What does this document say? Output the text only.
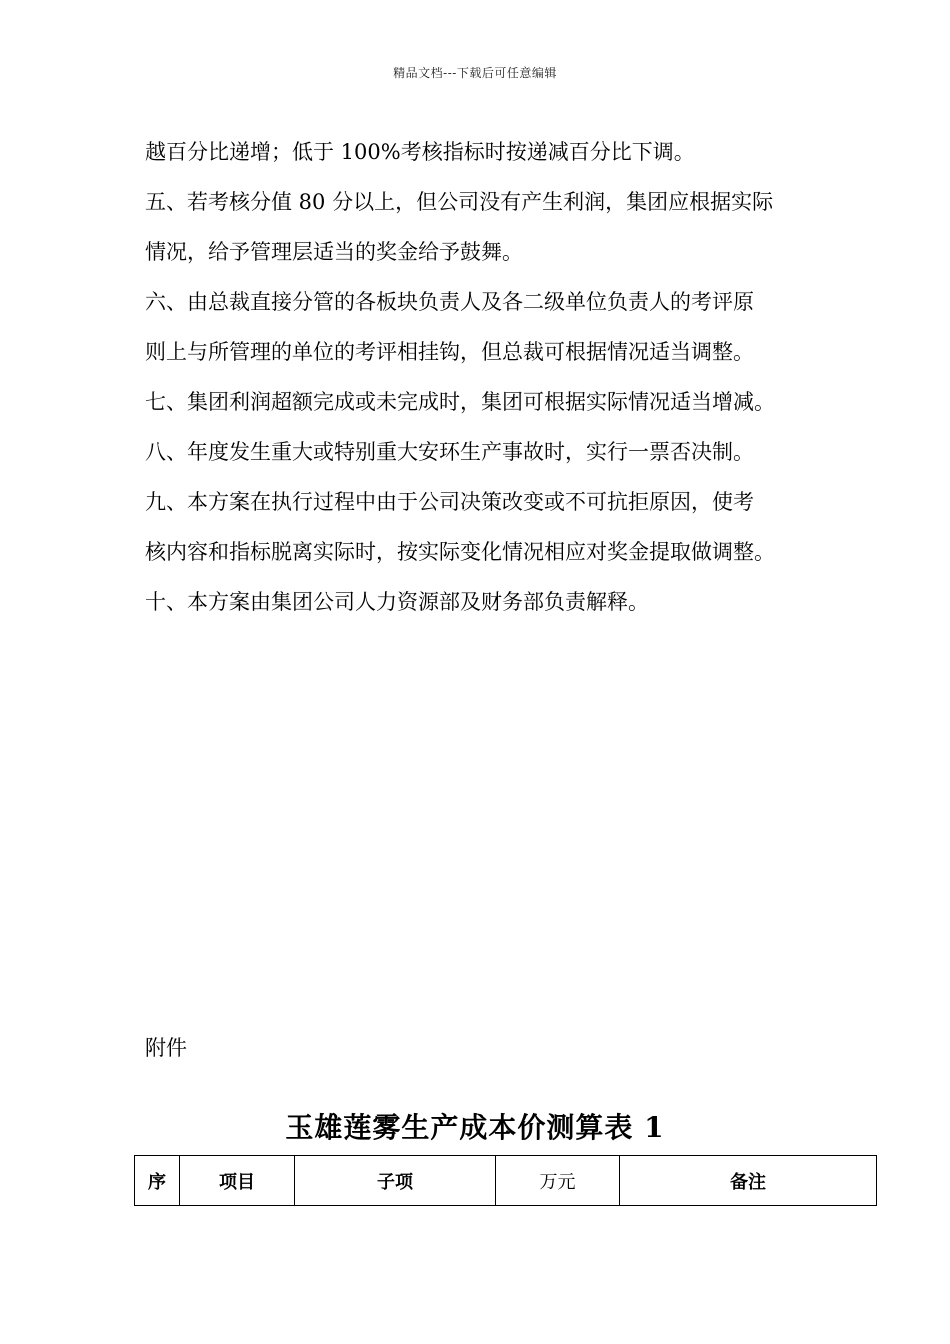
精品文档---下载后可任意编辑
越百分比递增；低于 100%考核指标时按递减百分比下调。
五、若考核分值 80 分以上，但公司没有产生利润，集团应根据实际
情况，给予管理层适当的奖金给予鼓舞。
六、由总裁直接分管的各板块负责人及各二级单位负责人的考评原
则上与所管理的单位的考评相挂钩，但总裁可根据情况适当调整。
七、集团利润超额完成或未完成时，集团可根据实际情况适当增减。
八、年度发生重大或特别重大安环生产事故时，实行一票否决制。
九、本方案在执行过程中由于公司决策改变或不可抗拒原因，使考
核内容和指标脱离实际时，按实际变化情况相应对奖金提取做调整。
十、本方案由集团公司人力资源部及财务部负责解释。
附件
玉雄莲雾生产成本价测算表 1
序	项目	子项	万元	备注
